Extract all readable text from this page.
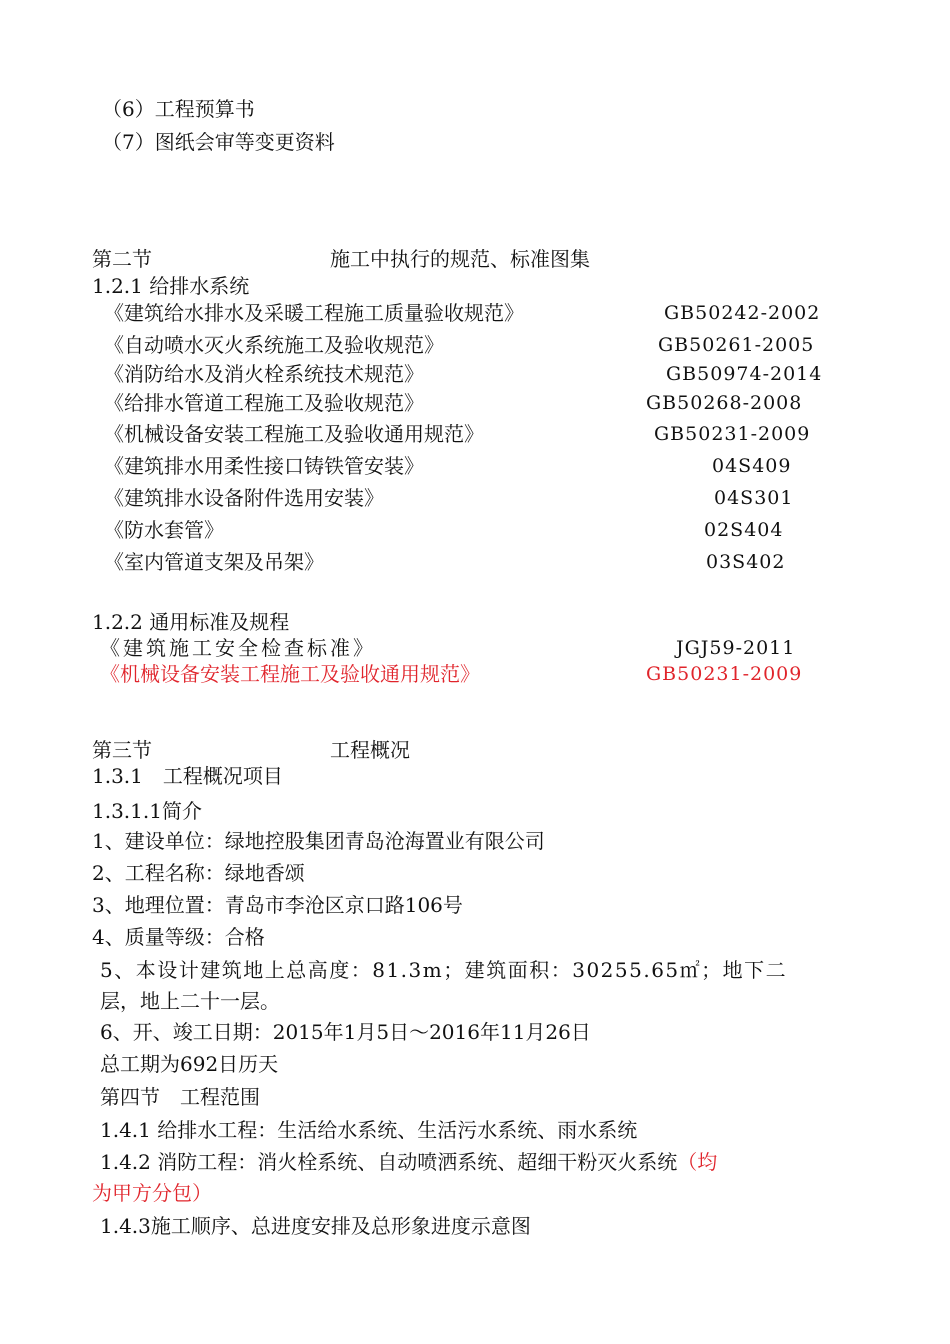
（6）工程预算书
（7）图纸会审等变更资料
第二节	施工中执行的规范、标准图集
1.2.1 给排水系统
《建筑给水排水及采暖工程施工质量验收规范》	GB50242-2002
《自动喷水灭火系统施工及验收规范》	GB50261-2005
《消防给水及消火栓系统技术规范》	GB50974-2014
《给排水管道工程施工及验收规范》	GB50268-2008
《机械设备安装工程施工及验收通用规范》	GB50231-2009
《建筑排水用柔性接口铸铁管安装》	04S409
《建筑排水设备附件选用安装》	04S301
《防水套管》	02S404
《室内管道支架及吊架》	03S402
1.2.2 通用标准及规程
《建筑施工安全检查标准》	JGJ59-2011
《机械设备安装工程施工及验收通用规范》	GB50231-2009
第三节	工程概况
1.3.1　工程概况项目
1.3.1.1简介
1、建设单位：绿地控股集团青岛沧海置业有限公司
2、工程名称：绿地香颂
3、地理位置：青岛市李沧区京口路106号
4、质量等级：合格
5、本设计建筑地上总高度：81.3m；建筑面积：30255.65㎡；地下二
层，地上二十一层。
6、开、竣工日期：2015年1月5日～2016年11月26日
总工期为692日历天
第四节　工程范围
1.4.1 给排水工程：生活给水系统、生活污水系统、雨水系统
1.4.2 消防工程：消火栓系统、自动喷洒系统、超细干粉灭火系统（均
为甲方分包）
1.4.3施工顺序、总进度安排及总形象进度示意图
